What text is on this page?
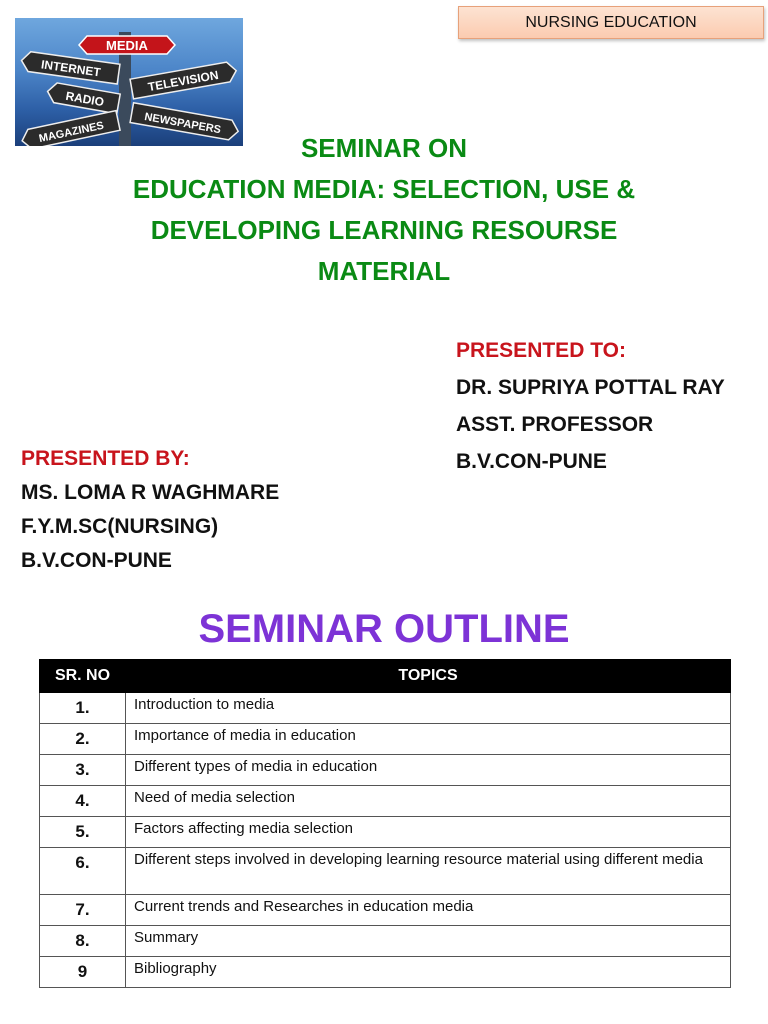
MEDIA
INTERNET	TELEVISION
RADIO
MAGAZINES	NEWSPAPERS
NURSING EDUCATION
SEMINAR ON
EDUCATION MEDIA: SELECTION, USE &
DEVELOPING LEARNING RESOURSE
MATERIAL
PRESENTED TO:
DR. SUPRIYA POTTAL RAY
ASST. PROFESSOR
B.V.CON-PUNE
PRESENTED BY:
MS. LOMA R WAGHMARE
F.Y.M.SC(NURSING)
B.V.CON-PUNE
SEMINAR OUTLINE
SR. NO	TOPICS
1.	Introduction to media
2.	Importance of media in education
3.	Different types of media in education
4.	Need of media selection
5.	Factors affecting media selection
6.	Different steps involved in developing learning resource material using different media
7.	Current trends and Researches in education media
8.	Summary
9	Bibliography
